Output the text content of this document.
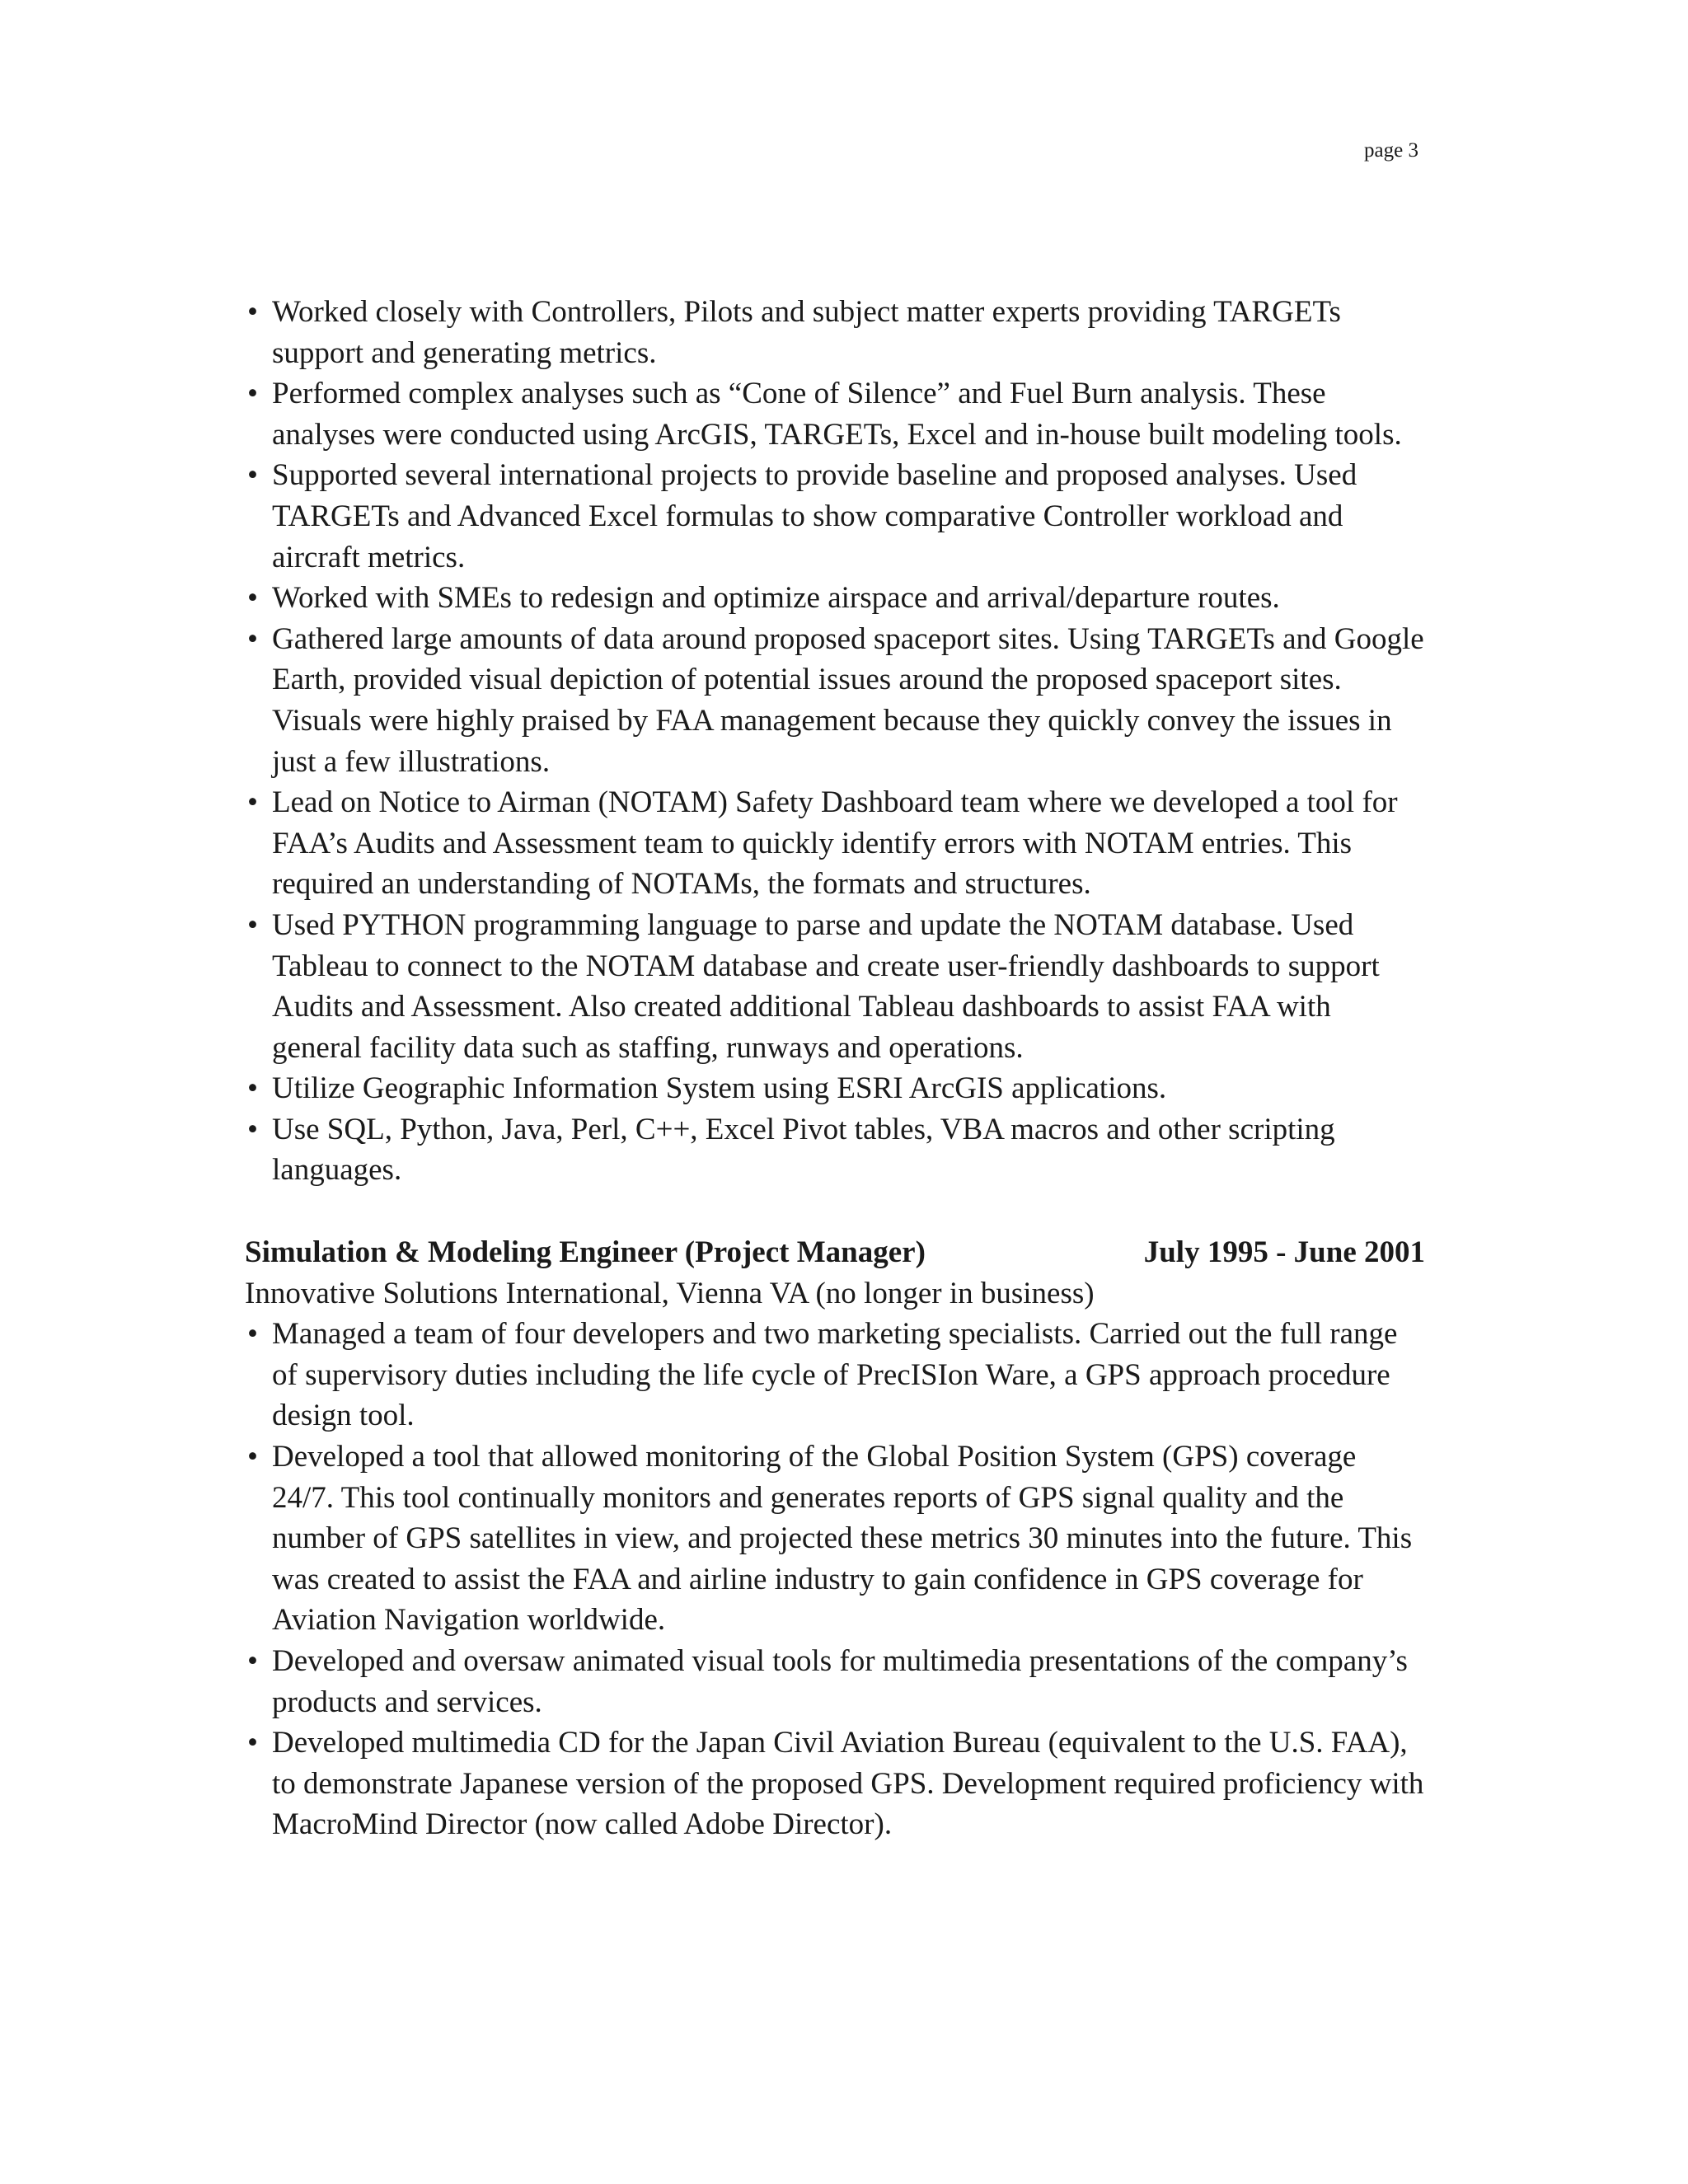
page 3
• Worked closely with Controllers, Pilots and subject matter experts providing TARGETs support and generating metrics.
• Performed complex analyses such as “Cone of Silence” and Fuel Burn analysis. These analyses were conducted using ArcGIS, TARGETs, Excel and in-house built modeling tools.
• Supported several international projects to provide baseline and proposed analyses. Used TARGETs and Advanced Excel formulas to show comparative Controller workload and aircraft metrics.
• Worked with SMEs to redesign and optimize airspace and arrival/departure routes.
• Gathered large amounts of data around proposed spaceport sites. Using TARGETs and Google Earth, provided visual depiction of potential issues around the proposed spaceport sites. Visuals were highly praised by FAA management because they quickly convey the issues in just a few illustrations.
• Lead on Notice to Airman (NOTAM) Safety Dashboard team where we developed a tool for FAA’s Audits and Assessment team to quickly identify errors with NOTAM entries. This required an understanding of NOTAMs, the formats and structures.
• Used PYTHON programming language to parse and update the NOTAM database. Used Tableau to connect to the NOTAM database and create user-friendly dashboards to support Audits and Assessment. Also created additional Tableau dashboards to assist FAA with general facility data such as staffing, runways and operations.
• Utilize Geographic Information System using ESRI ArcGIS applications.
• Use SQL, Python, Java, Perl, C++, Excel Pivot tables, VBA macros and other scripting languages.
Simulation & Modeling Engineer (Project Manager)	July 1995 - June 2001
Innovative Solutions International, Vienna VA (no longer in business)
• Managed a team of four developers and two marketing specialists. Carried out the full range of supervisory duties including the life cycle of PrecISIon Ware, a GPS approach procedure design tool.
• Developed a tool that allowed monitoring of the Global Position System (GPS) coverage 24/7. This tool continually monitors and generates reports of GPS signal quality and the number of GPS satellites in view, and projected these metrics 30 minutes into the future. This was created to assist the FAA and airline industry to gain confidence in GPS coverage for Aviation Navigation worldwide.
• Developed and oversaw animated visual tools for multimedia presentations of the company’s products and services.
• Developed multimedia CD for the Japan Civil Aviation Bureau (equivalent to the U.S. FAA), to demonstrate Japanese version of the proposed GPS. Development required proficiency with MacroMind Director (now called Adobe Director).
